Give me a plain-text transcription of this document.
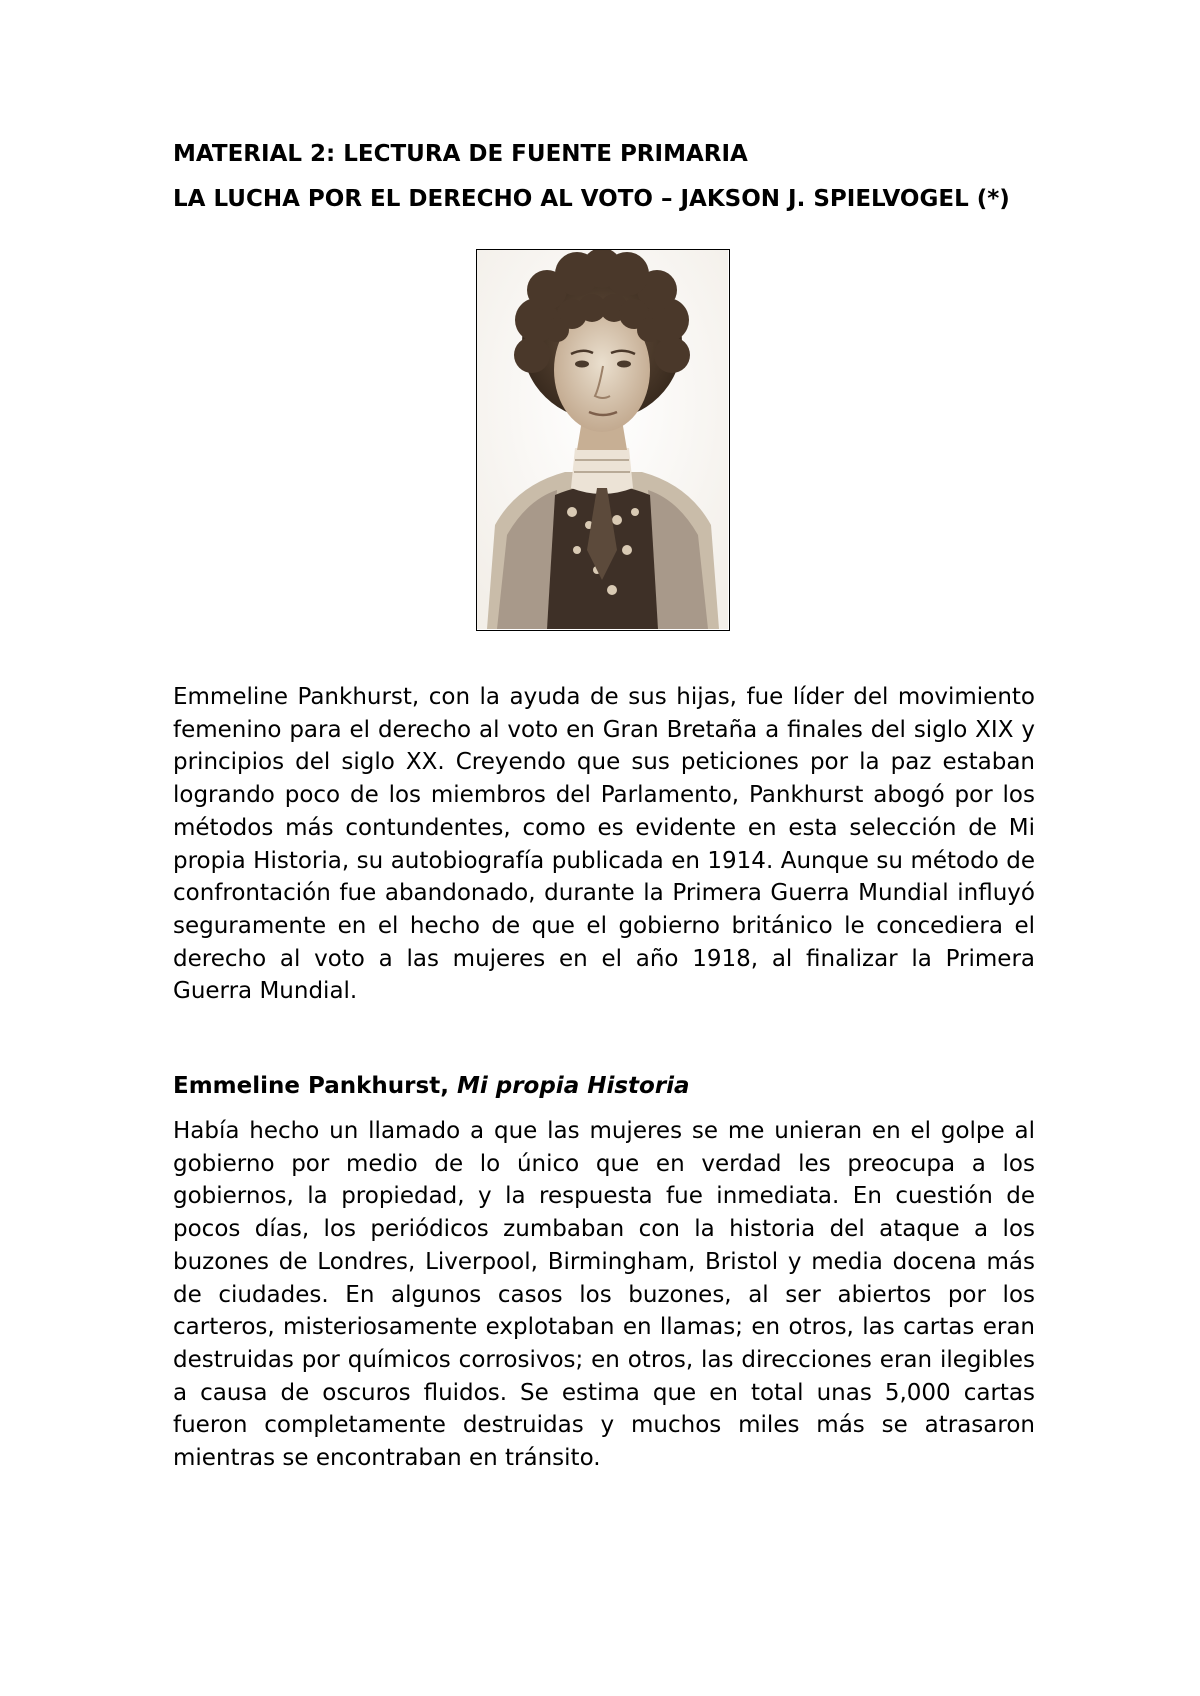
MATERIAL 2: LECTURA DE FUENTE PRIMARIA

LA LUCHA POR EL DERECHO AL VOTO – JAKSON J. SPIELVOGEL (*)

Emmeline Pankhurst, con la ayuda de sus hijas, fue líder del movimiento femenino para el derecho al voto en Gran Bretaña a finales del siglo XIX y principios del siglo XX. Creyendo que sus peticiones por la paz estaban logrando poco de los miembros del Parlamento, Pankhurst abogó por los métodos más contundentes, como es evidente en esta selección de Mi propia Historia, su autobiografía publicada en 1914. Aunque su método de confrontación fue abandonado, durante la Primera Guerra Mundial influyó seguramente en el hecho de que el gobierno británico le concediera el derecho al voto a las mujeres en el año 1918, al finalizar la Primera Guerra Mundial.

Emmeline Pankhurst, Mi propia Historia

Había hecho un llamado a que las mujeres se me unieran en el golpe al gobierno por medio de lo único que en verdad les preocupa a los gobiernos, la propiedad, y la respuesta fue inmediata. En cuestión de pocos días, los periódicos zumbaban con la historia del ataque a los buzones de Londres, Liverpool, Birmingham, Bristol y media docena más de ciudades. En algunos casos los buzones, al ser abiertos por los carteros, misteriosamente explotaban en llamas; en otros, las cartas eran destruidas por químicos corrosivos; en otros, las direcciones eran ilegibles a causa de oscuros fluidos. Se estima que en total unas 5,000 cartas fueron completamente destruidas y muchos miles más se atrasaron mientras se encontraban en tránsito.
